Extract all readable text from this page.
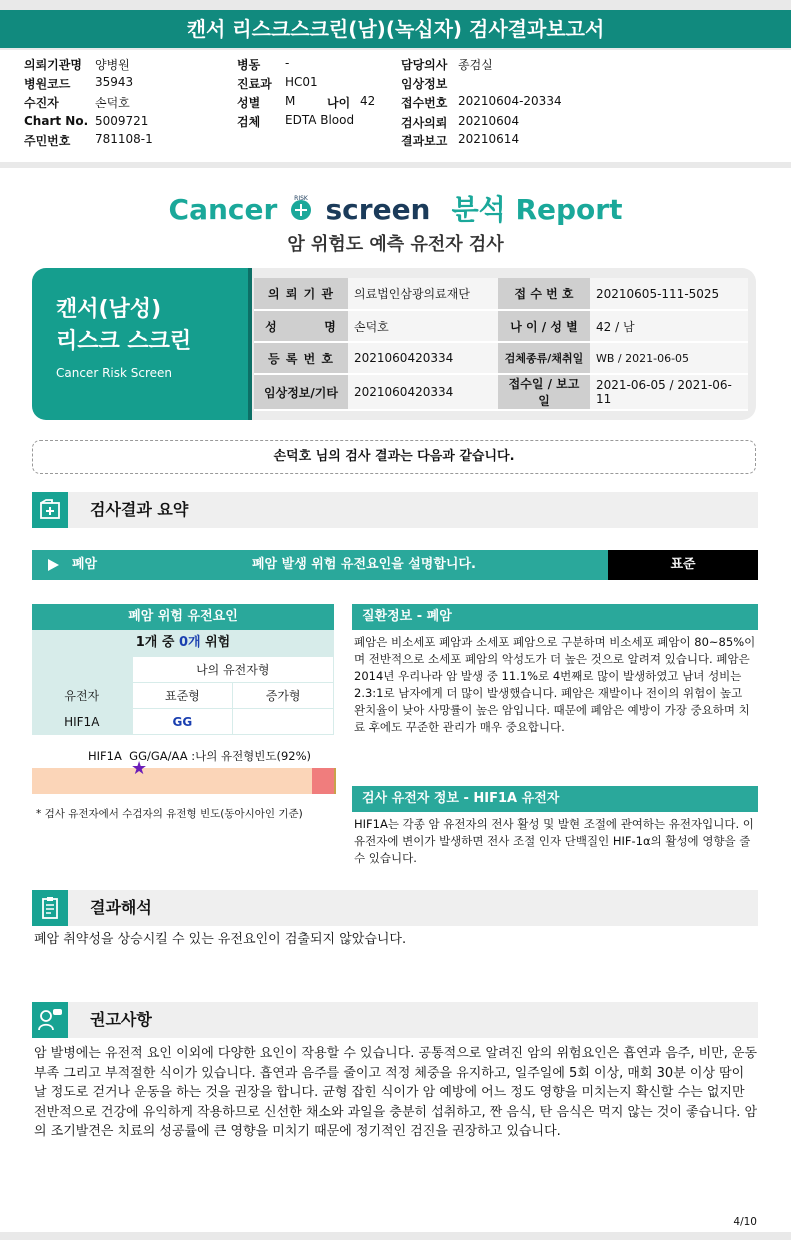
캔서 리스크스크린(남)(녹십자) 검사결과보고서
의뢰기관명 양병원
병원코드 35943
수진자	손덕호
Chart No. 5009721
주민번호 781108-1
병동 -
진료과 HC01
성별 M	나이 42
검체 EDTA Blood
담당의사 종검실
임상정보
접수번호 20210604-20334
검사의뢰 20210604
결과보고 20210614
Cancer	RISK screen 분석 Report
암 위험도 예측 유전자 검사
캔서(남성)
리스크 스크린
Cancer Risk Screen
의 뢰 기 관	의료법인삼광의료재단	접 수 번 호	20210605-111-5025
성         명	손덕호	나 이 / 성 별	42 / 남
등 록 번 호	2021060420334	검체종류/채취일	WB / 2021-06-05
임상정보/기타	2021060420334	접수일 / 보고일	2021-06-05 / 2021-06-11
손덕호 님의 검사 결과는 다음과 같습니다.
검사결과 요약
폐암	폐암 발생 위험 유전요인을 설명합니다.	표준
폐암 위험 유전요인
1개 중 0개 위험
	나의 유전자형	
유전자	표준형	증가형
HIF1A	GG	
HIF1A GG/GA/AA :나의 유전형빈도(92%)
★
* 검사 유전자에서 수검자의 유전형 빈도(동아시아인 기준)
질환정보 - 폐암
폐암은 비소세포 폐암과 소세포 폐암으로 구분하며 비소세포 폐암이 80~85%이며 전반적으로 소세포 폐암의 악성도가 더 높은 것으로 알려져 있습니다. 폐암은 2014년 우리나라 암 발생 중 11.1%로 4번째로 많이 발생하였고 남녀 성비는 2.3:1로 남자에게 더 많이 발생했습니다. 폐암은 재발이나 전이의 위험이 높고 완치율이 낮아 사망률이 높은 암입니다. 때문에 폐암은 예방이 가장 중요하며 치료 후에도 꾸준한 관리가 매우 중요합니다.
검사 유전자 정보 - HIF1A 유전자
HIF1A는 각종 암 유전자의 전사 활성 및 발현 조절에 관여하는 유전자입니다. 이 유전자에 변이가 발생하면 전사 조절 인자 단백질인 HIF-1α의 활성에 영향을 줄 수 있습니다.
결과해석
폐암 취약성을 상승시킬 수 있는 유전요인이 검출되지 않았습니다.
권고사항
암 발병에는 유전적 요인 이외에 다양한 요인이 작용할 수 있습니다. 공통적으로 알려진 암의 위험요인은 흡연과 음주, 비만, 운동 부족 그리고 부적절한 식이가 있습니다. 흡연과 음주를 줄이고 적정 체중을 유지하고, 일주일에 5회 이상, 매회 30분 이상 땀이 날 정도로 걷거나 운동을 하는 것을 권장을 합니다. 균형 잡힌 식이가 암 예방에 어느 정도 영향을 미치는지 확신할 수는 없지만 전반적으로 건강에 유익하게 작용하므로 신선한 채소와 과일을 충분히 섭취하고, 짠 음식, 탄 음식은 먹지 않는 것이 좋습니다. 암의 조기발견은 치료의 성공률에 큰 영향을 미치기 때문에 정기적인 검진을 권장하고 있습니다.
4/10
